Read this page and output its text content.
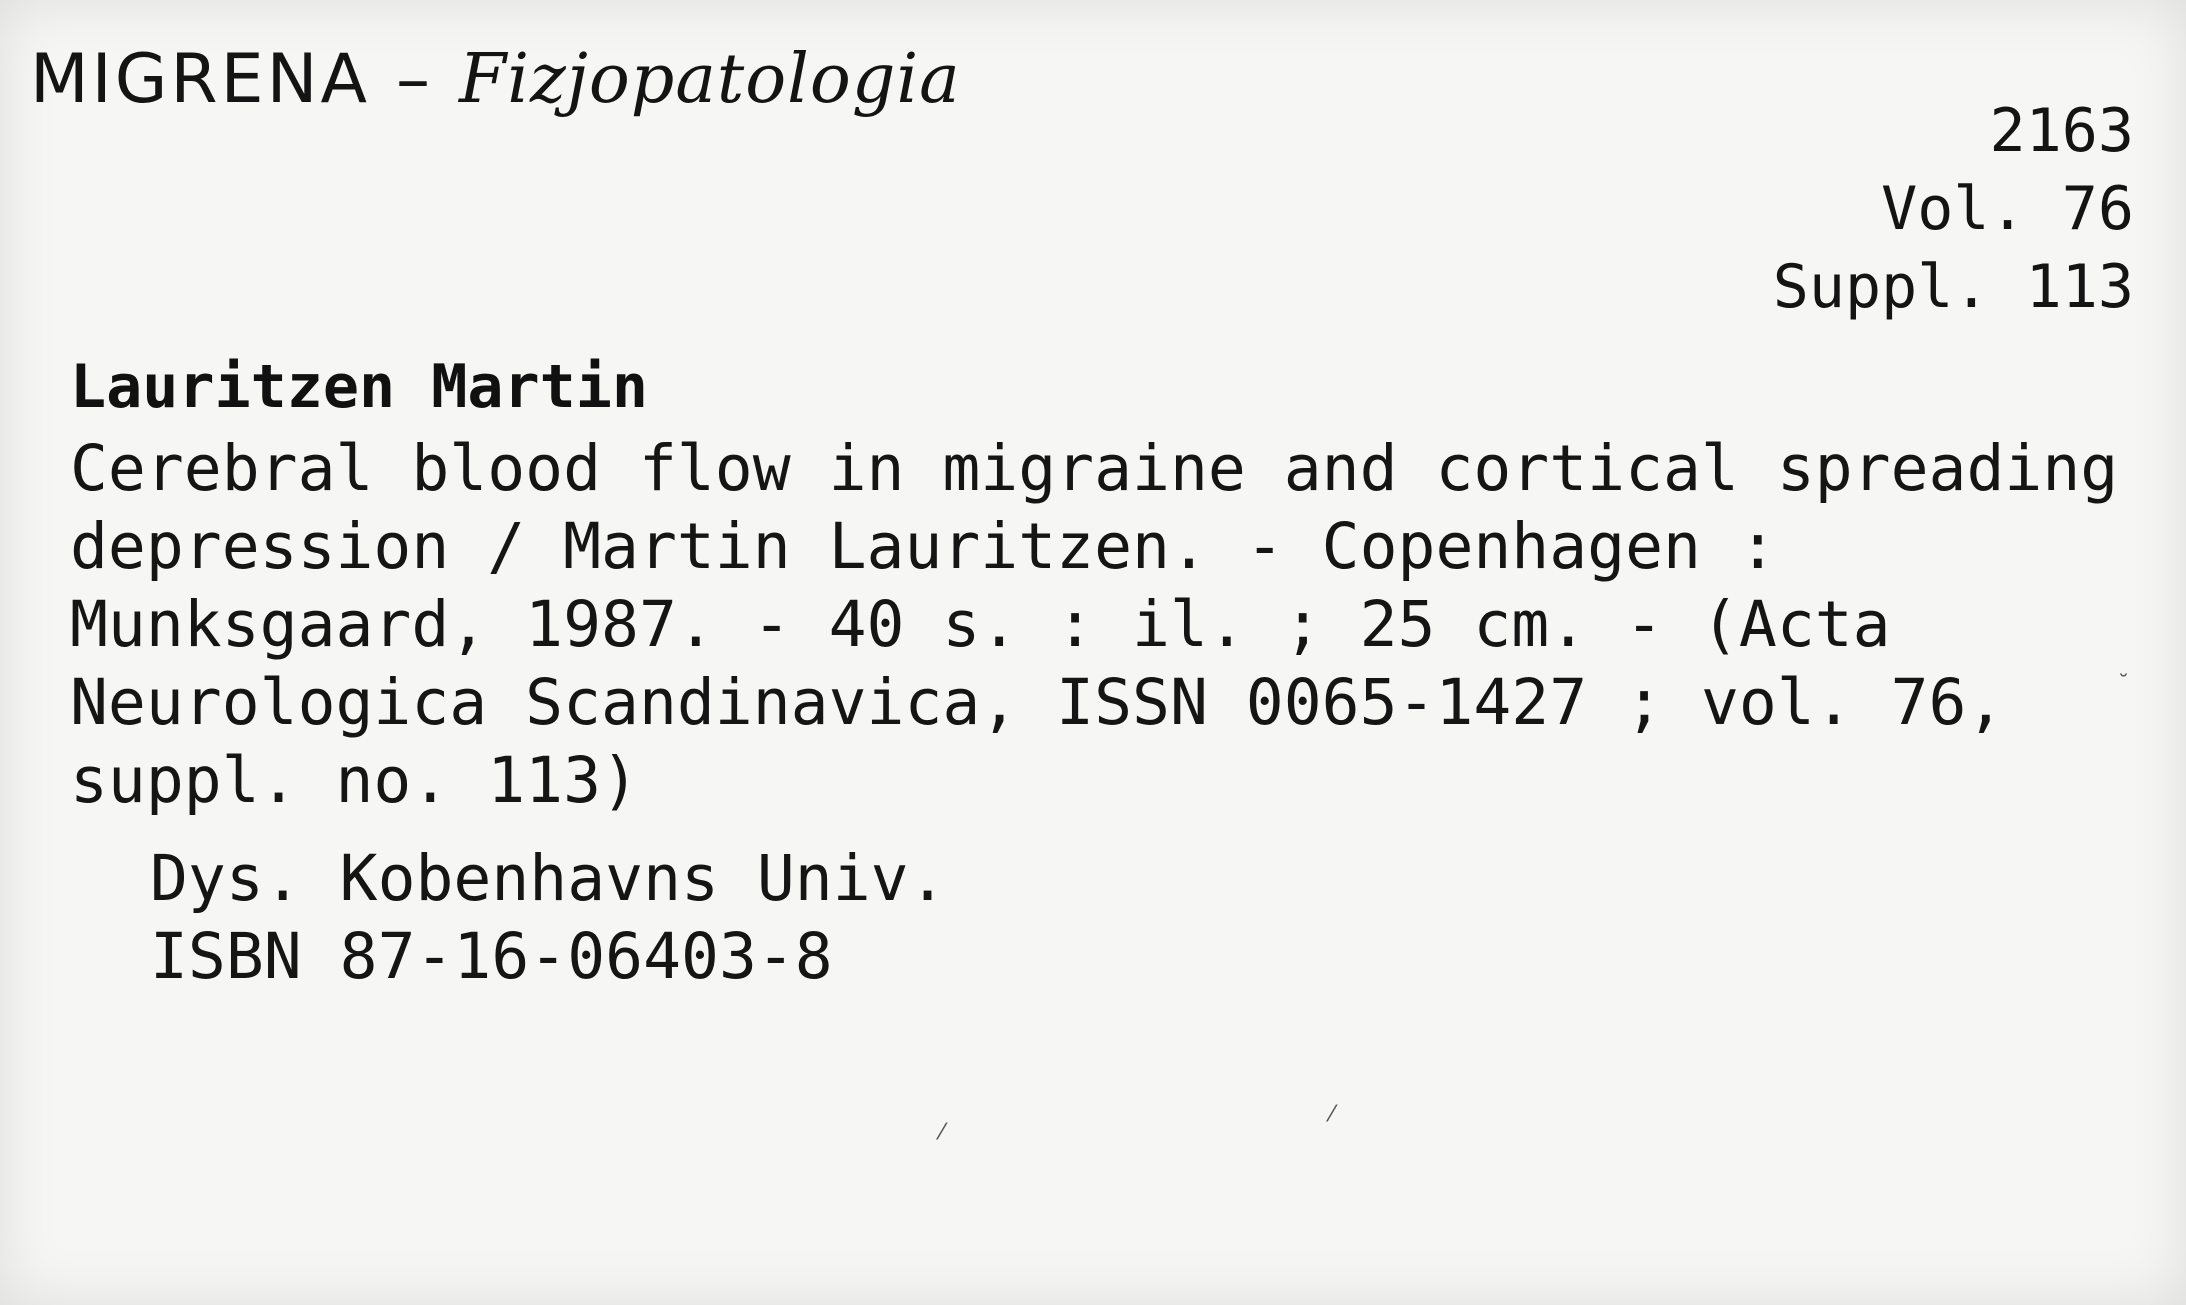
MIGRENA – Fizjopatologia
2163
Vol. 76
Suppl. 113
Lauritzen Martin
Cerebral blood flow in migraine and cortical spreading
depression / Martin Lauritzen. - Copenhagen :
Munksgaard, 1987. - 40 s. : il. ; 25 cm. - (Acta
Neurologica Scandinavica, ISSN 0065-1427 ; vol. 76,
suppl. no. 113)
Dys. Kobenhavns Univ.
ISBN 87-16-06403-8
⁄
⁄
˘
